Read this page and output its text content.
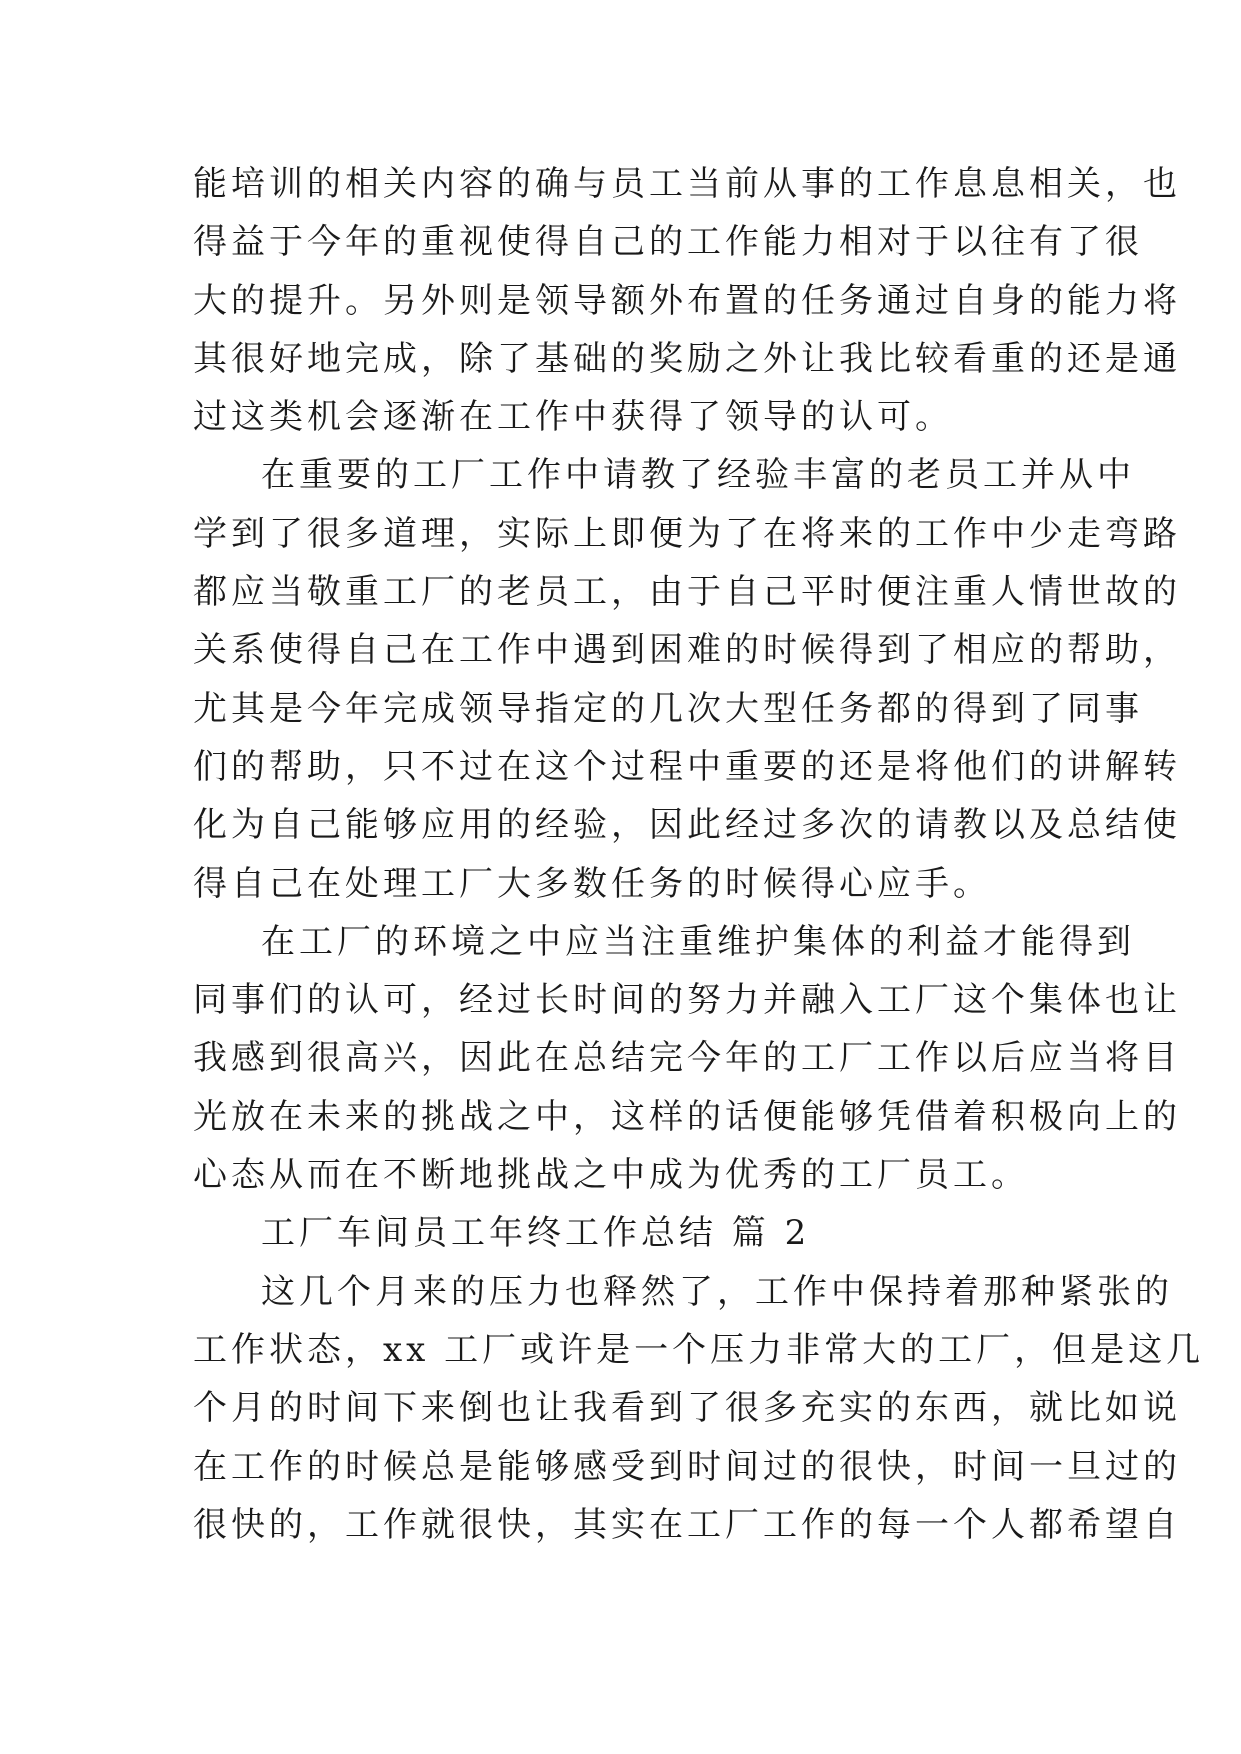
能培训的相关内容的确与员工当前从事的工作息息相关，也
得益于今年的重视使得自己的工作能力相对于以往有了很
大的提升。另外则是领导额外布置的任务通过自身的能力将
其很好地完成，除了基础的奖励之外让我比较看重的还是通
过这类机会逐渐在工作中获得了领导的认可。
在重要的工厂工作中请教了经验丰富的老员工并从中
学到了很多道理，实际上即便为了在将来的工作中少走弯路
都应当敬重工厂的老员工，由于自己平时便注重人情世故的
关系使得自己在工作中遇到困难的时候得到了相应的帮助，
尤其是今年完成领导指定的几次大型任务都的得到了同事
们的帮助，只不过在这个过程中重要的还是将他们的讲解转
化为自己能够应用的经验，因此经过多次的请教以及总结使
得自己在处理工厂大多数任务的时候得心应手。
在工厂的环境之中应当注重维护集体的利益才能得到
同事们的认可，经过长时间的努力并融入工厂这个集体也让
我感到很高兴，因此在总结完今年的工厂工作以后应当将目
光放在未来的挑战之中，这样的话便能够凭借着积极向上的
心态从而在不断地挑战之中成为优秀的工厂员工。
工厂车间员工年终工作总结 篇 2
这几个月来的压力也释然了，工作中保持着那种紧张的
工作状态，xx 工厂或许是一个压力非常大的工厂，但是这几
个月的时间下来倒也让我看到了很多充实的东西，就比如说
在工作的时候总是能够感受到时间过的很快，时间一旦过的
很快的，工作就很快，其实在工厂工作的每一个人都希望自
